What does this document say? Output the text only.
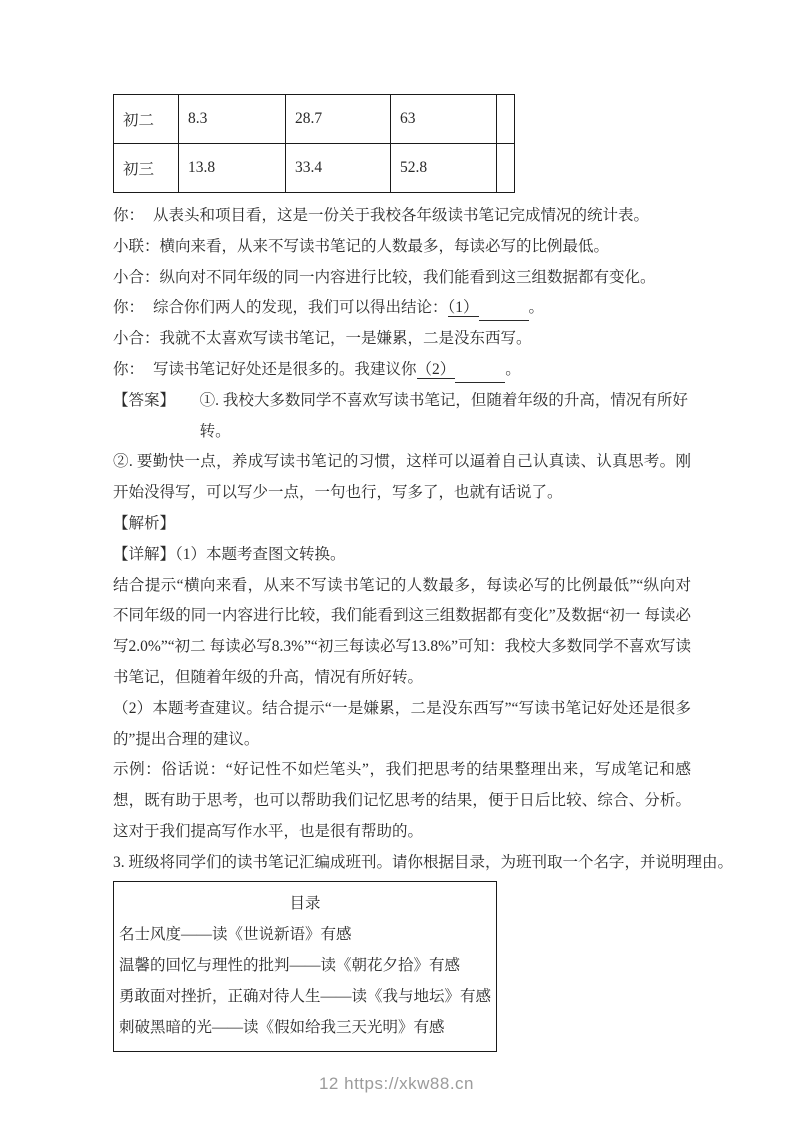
初二	8.3	28.7	63	
初三	13.8	33.4	52.8	
你： 从表头和项目看，这是一份关于我校各年级读书笔记完成情况的统计表。
小联： 横向来看，从来不写读书笔记的人数最多，每读必写的比例最低。
小合： 纵向对不同年级的同一内容进行比较，我们能看到这三组数据都有变化。
你： 综合你们两人的发现，我们可以得出结论：（1）	。
小合： 我就不太喜欢写读书笔记，一是嫌累，二是没东西写。
你： 写读书笔记好处还是很多的。我建议你（2）	。
【答案】 ①. 我校大多数同学不喜欢写读书笔记，但随着年级的升高，情况有所好转。

②. 要勤快一点，养成写读书笔记的习惯，这样可以逼着自己认真读、认真思考。刚开始没得写，可以写少一点，一句也行，写多了，也就有话说了。

【解析】

【详解】（1）本题考查图文转换。

结合提示“横向来看，从来不写读书笔记的人数最多，每读必写的比例最低”“纵向对不同年级的同一内容进行比较，我们能看到这三组数据都有变化”及数据“初一 每读必写2.0%”“初二 每读必写8.3%”“初三每读必写13.8%”可知：我校大多数同学不喜欢写读书笔记，但随着年级的升高，情况有所好转。

（2）本题考查建议。结合提示“一是嫌累，二是没东西写”“写读书笔记好处还是很多的”提出合理的建议。

示例：俗话说：“好记性不如烂笔头”，我们把思考的结果整理出来，写成笔记和感想，既有助于思考，也可以帮助我们记忆思考的结果，便于日后比较、综合、分析。这对于我们提高写作水平，也是很有帮助的。

3. 班级将同学们的读书笔记汇编成班刊。请你根据目录，为班刊取一个名字，并说明理由。

目录
名士风度——读《世说新语》有感
温馨的回忆与理性的批判——读《朝花夕拾》有感
勇敢面对挫折，正确对待人生——读《我与地坛》有感
刺破黑暗的光——读《假如给我三天光明》有感
12 https://xkw88.cn
